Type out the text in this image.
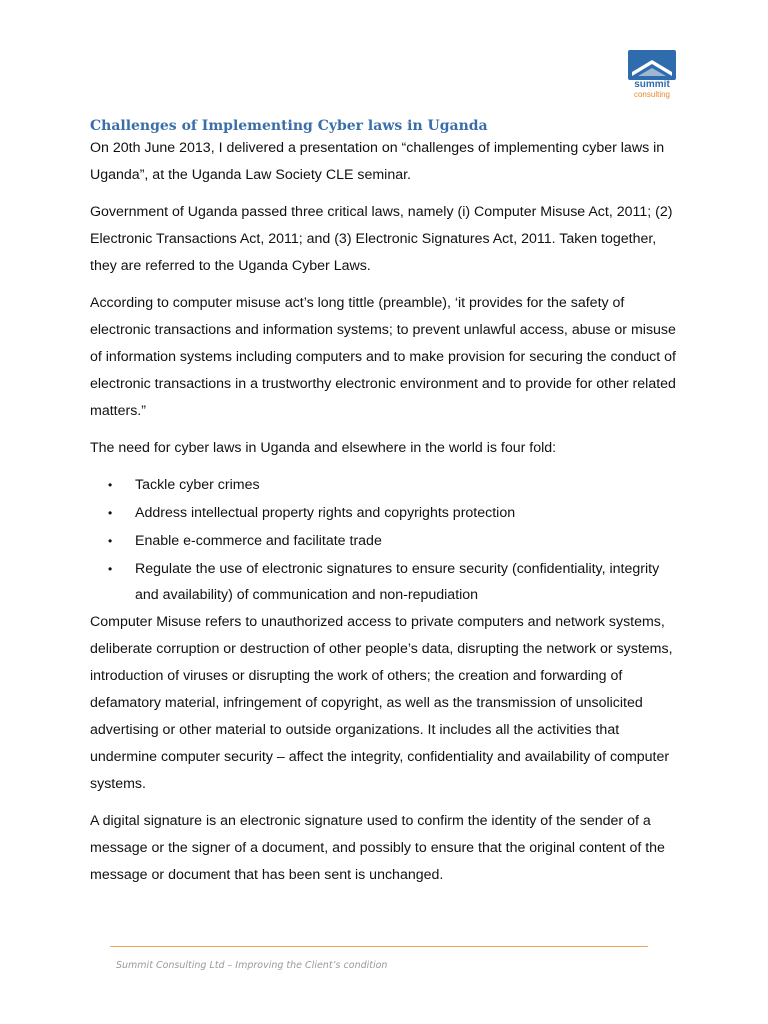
summit
consulting
Challenges of Implementing Cyber laws in Uganda

On 20th June 2013, I delivered a presentation on “challenges of implementing cyber laws in Uganda”, at the Uganda Law Society CLE seminar.

Government of Uganda passed three critical laws, namely (i) Computer Misuse Act, 2011; (2) Electronic Transactions Act, 2011; and (3) Electronic Signatures Act, 2011. Taken together, they are referred to the Uganda Cyber Laws.

According to computer misuse act’s long tittle (preamble), ‘it provides for the safety of electronic transactions and information systems; to prevent unlawful access, abuse or misuse of information systems including computers and to make provision for securing the conduct of electronic transactions in a trustworthy electronic environment and to provide for other related matters.”

The need for cyber laws in Uganda and elsewhere in the world is four fold:

• Tackle cyber crimes
• Address intellectual property rights and copyrights protection
• Enable e-commerce and facilitate trade
• Regulate the use of electronic signatures to ensure security (confidentiality, integrity and availability) of communication and non-repudiation

Computer Misuse refers to unauthorized access to private computers and network systems, deliberate corruption or destruction of other people’s data, disrupting the network or systems, introduction of viruses or disrupting the work of others; the creation and forwarding of defamatory material, infringement of copyright, as well as the transmission of unsolicited advertising or other material to outside organizations. It includes all the activities that undermine computer security – affect the integrity, confidentiality and availability of computer systems.

A digital signature is an electronic signature used to confirm the identity of the sender of a message or the signer of a document, and possibly to ensure that the original content of the message or document that has been sent is unchanged.

Summit Consulting Ltd – Improving the Client’s condition
